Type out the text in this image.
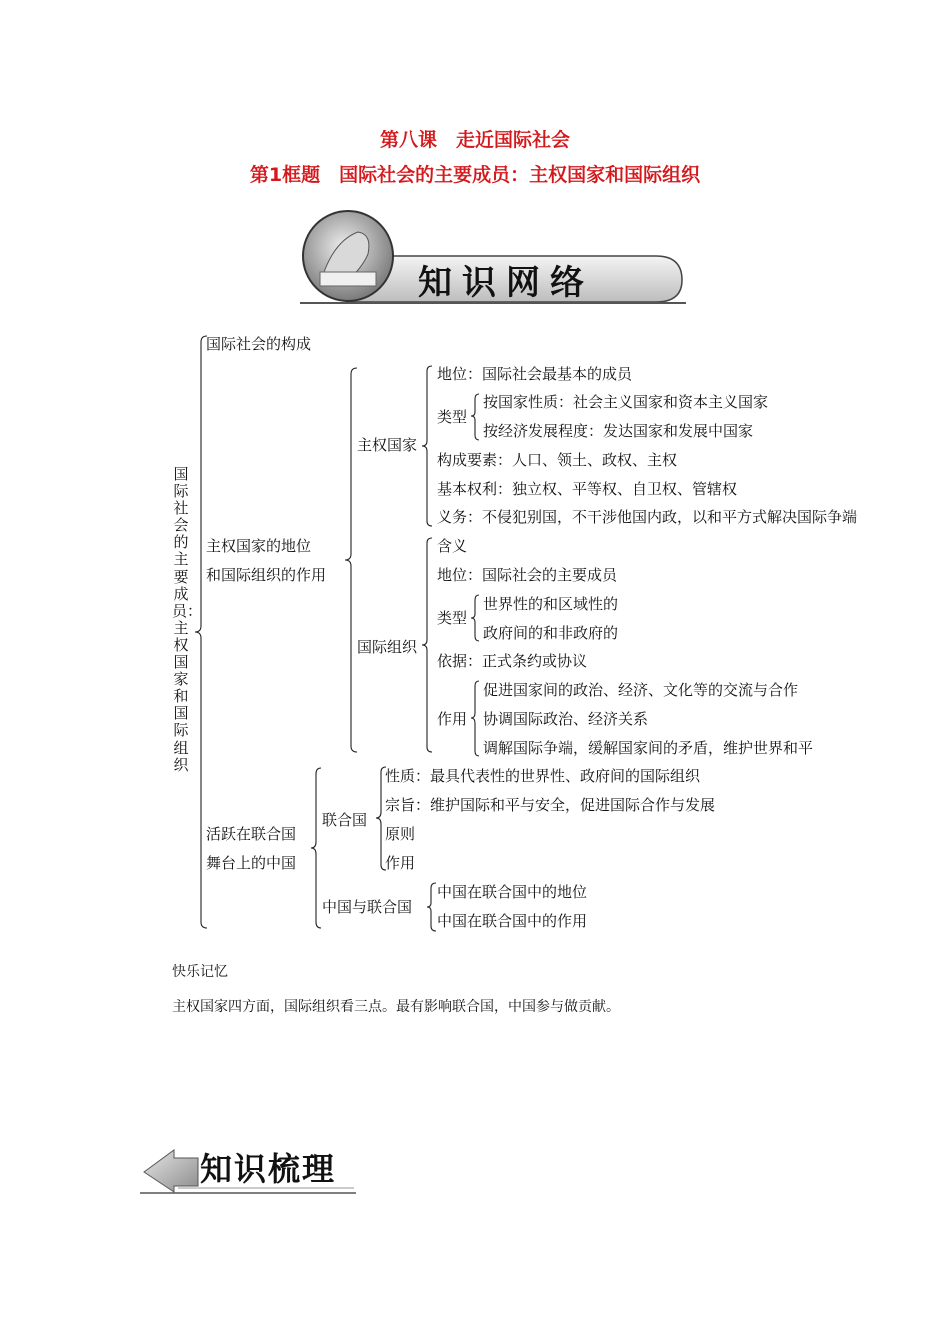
第八课　走近国际社会
第1框题　国际社会的主要成员：主权国家和国际组织
知识网络
国际社会的主要成员：主权国家和国际组织
国际社会的构成
主权国家的地位
和国际组织的作用
活跃在联合国
舞台上的中国
主权国家
国际组织
联合国
中国与联合国
地位：国际社会最基本的成员
类型
按国家性质：社会主义国家和资本主义国家
按经济发展程度：发达国家和发展中国家
构成要素：人口、领土、政权、主权
基本权利：独立权、平等权、自卫权、管辖权
义务：不侵犯别国，不干涉他国内政，以和平方式解决国际争端
含义
地位：国际社会的主要成员
类型
世界性的和区域性的
政府间的和非政府的
依据：正式条约或协议
作用
促进国家间的政治、经济、文化等的交流与合作
协调国际政治、经济关系
调解国际争端，缓解国家间的矛盾，维护世界和平
性质：最具代表性的世界性、政府间的国际组织
宗旨：维护国际和平与安全，促进国际合作与发展
原则
作用
中国在联合国中的地位
中国在联合国中的作用
快乐记忆
主权国家四方面，国际组织看三点。最有影响联合国，中国参与做贡献。
知识梳理
